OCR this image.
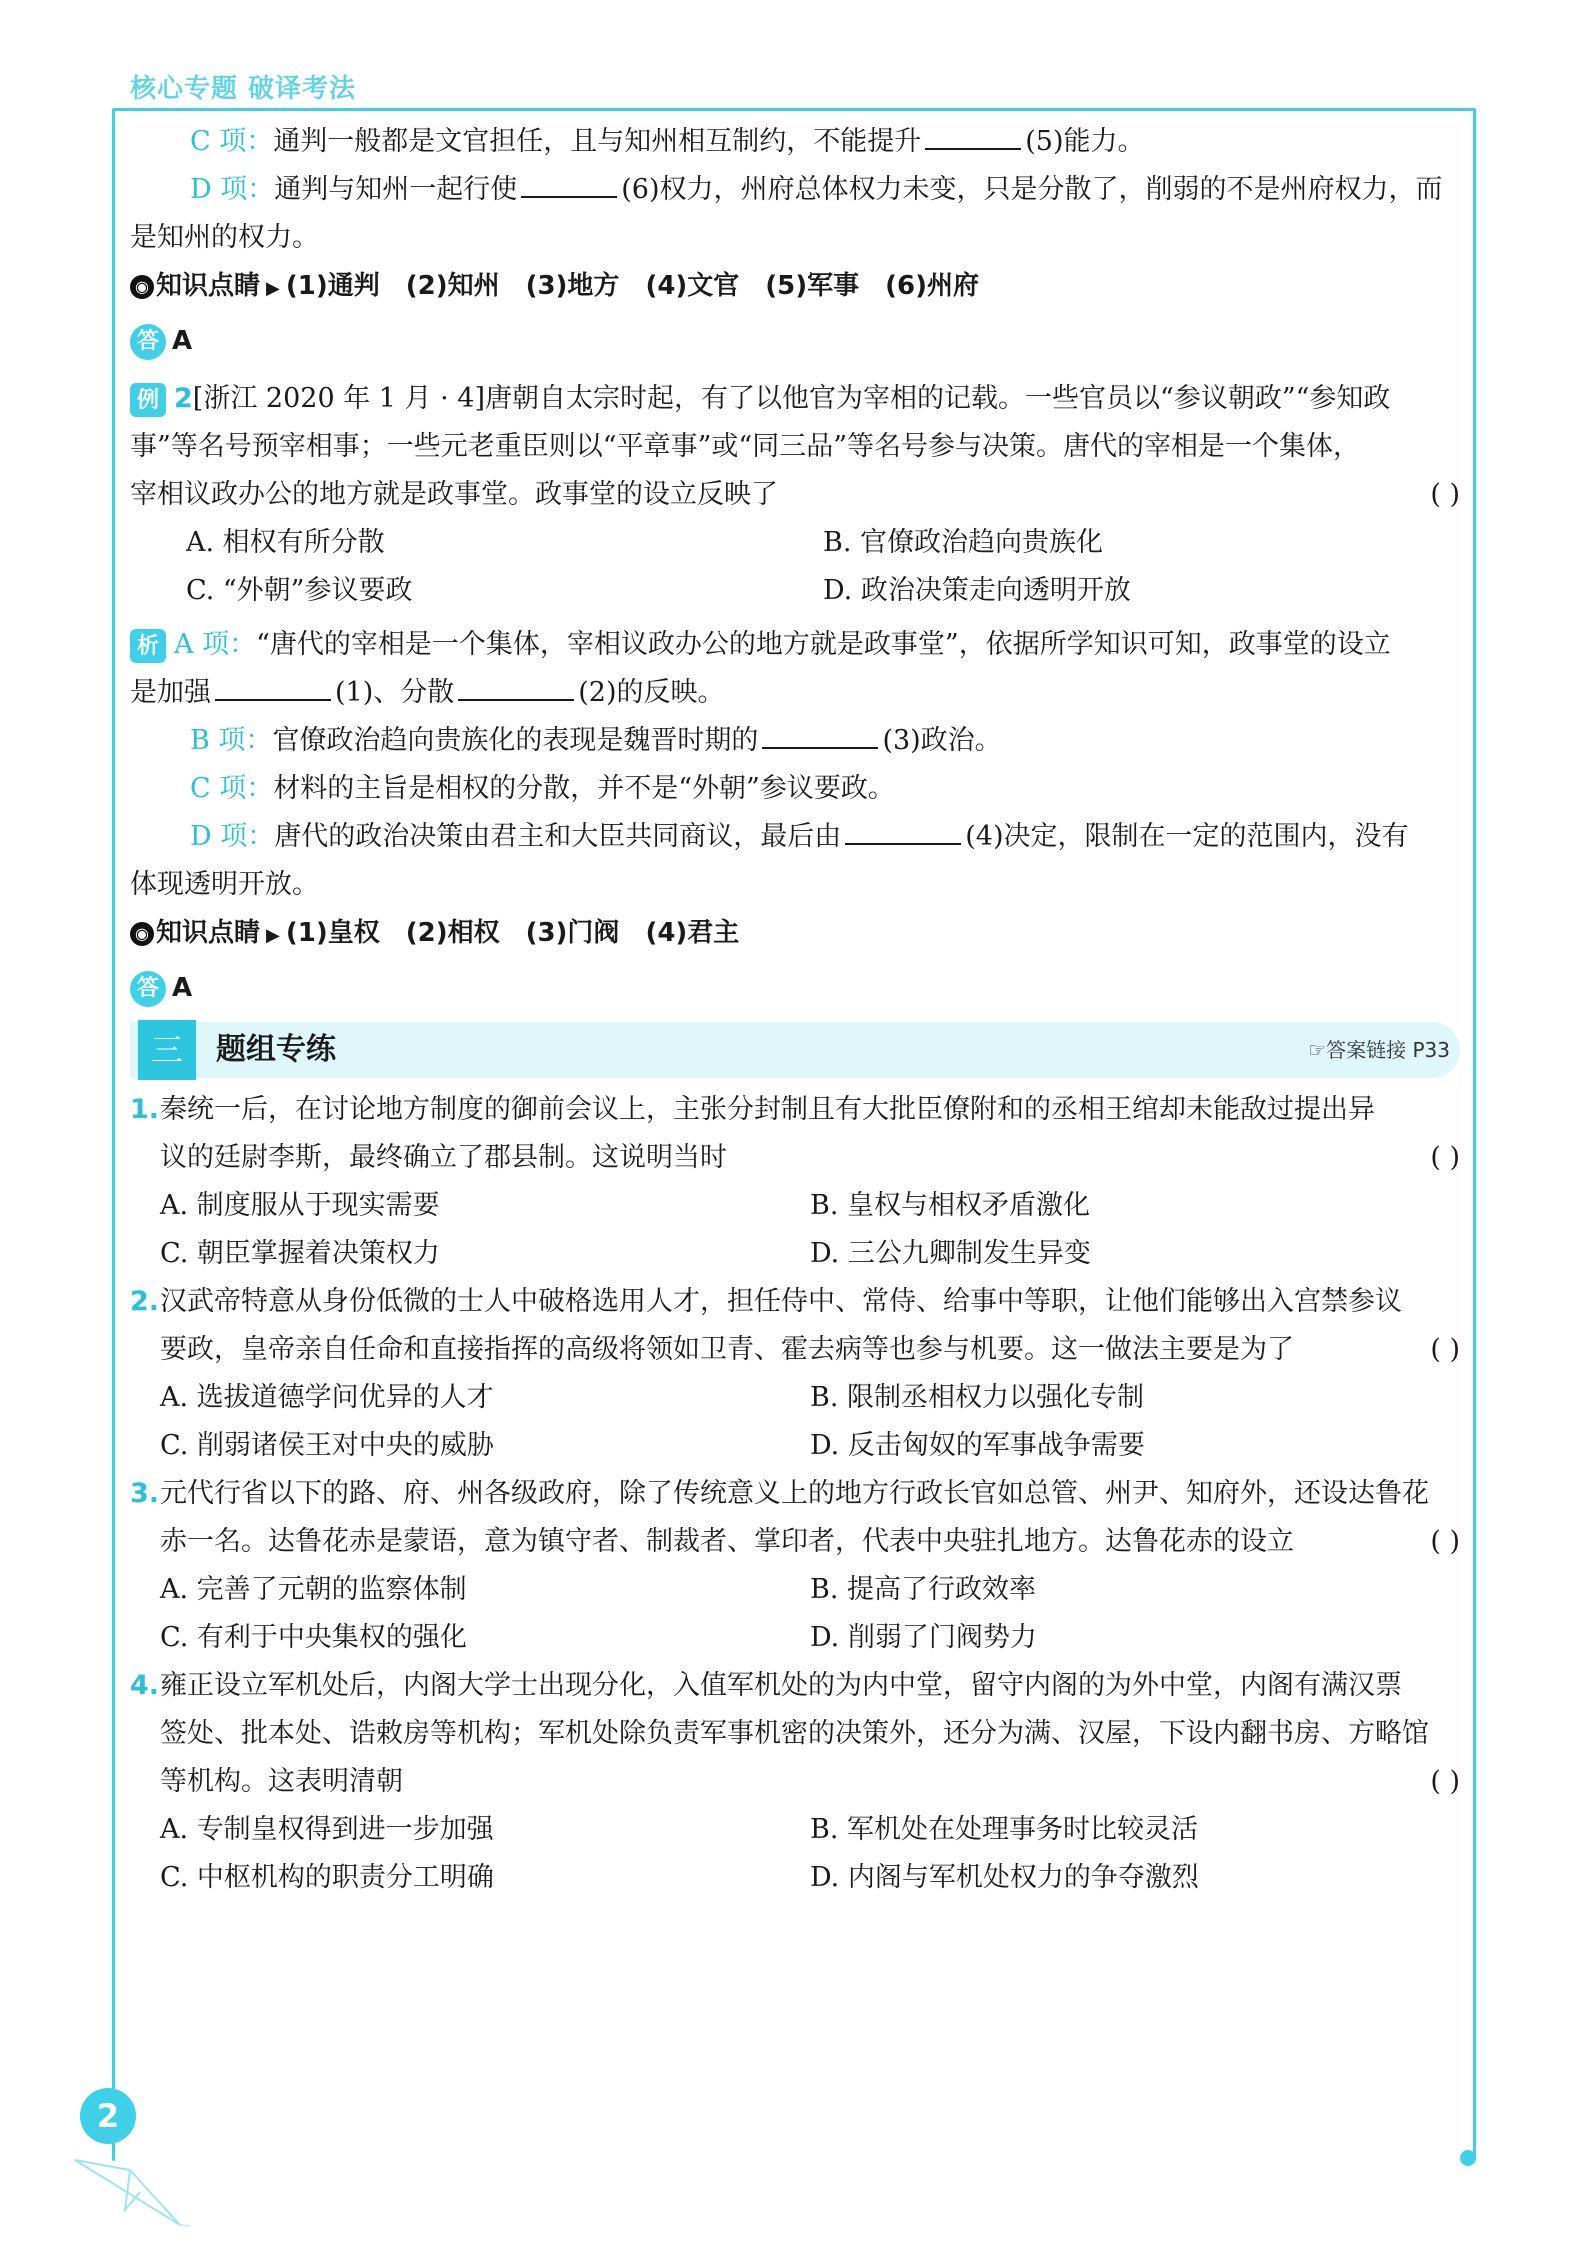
核心专题 破译考法
C 项：通判一般都是文官担任，且与知州相互制约，不能提升	(5)能力。
D 项：通判与知州一起行使	(6)权力，州府总体权力未变，只是分散了，削弱的不是州府权力，而
是知州的权力。
◉ 知识点睛 ▶ (1)通判 (2)知州 (3)地方 (4)文官 (5)军事 (6)州府
答 A
例 2[浙江 2020 年 1 月 · 4]唐朝自太宗时起，有了以他官为宰相的记载。一些官员以“参议朝政”“参知政
事”等名号预宰相事；一些元老重臣则以“平章事”或“同三品”等名号参与决策。唐代的宰相是一个集体，
宰相议政办公的地方就是政事堂。政事堂的设立反映了	( )
A. 相权有所分散	B. 官僚政治趋向贵族化
C. “外朝”参议要政	D. 政治决策走向透明开放
析 A 项：“唐代的宰相是一个集体，宰相议政办公的地方就是政事堂”，依据所学知识可知，政事堂的设立
是加强	(1)、分散	(2)的反映。
B 项：官僚政治趋向贵族化的表现是魏晋时期的	(3)政治。
C 项：材料的主旨是相权的分散，并不是“外朝”参议要政。
D 项：唐代的政治决策由君主和大臣共同商议，最后由	(4)决定，限制在一定的范围内，没有
体现透明开放。
◉ 知识点睛 ▶ (1)皇权 (2)相权 (3)门阀 (4)君主
答 A
三	题组专练	☞答案链接 P33
1. 秦统一后，在讨论地方制度的御前会议上，主张分封制且有大批臣僚附和的丞相王绾却未能敌过提出异
议的廷尉李斯，最终确立了郡县制。这说明当时	( )
A. 制度服从于现实需要	B. 皇权与相权矛盾激化
C. 朝臣掌握着决策权力	D. 三公九卿制发生异变
2. 汉武帝特意从身份低微的士人中破格选用人才，担任侍中、常侍、给事中等职，让他们能够出入宫禁参议
要政，皇帝亲自任命和直接指挥的高级将领如卫青、霍去病等也参与机要。这一做法主要是为了	( )
A. 选拔道德学问优异的人才	B. 限制丞相权力以强化专制
C. 削弱诸侯王对中央的威胁	D. 反击匈奴的军事战争需要
3. 元代行省以下的路、府、州各级政府，除了传统意义上的地方行政长官如总管、州尹、知府外，还设达鲁花
赤一名。达鲁花赤是蒙语，意为镇守者、制裁者、掌印者，代表中央驻扎地方。达鲁花赤的设立	( )
A. 完善了元朝的监察体制	B. 提高了行政效率
C. 有利于中央集权的强化	D. 削弱了门阀势力
4. 雍正设立军机处后，内阁大学士出现分化，入值军机处的为内中堂，留守内阁的为外中堂，内阁有满汉票
签处、批本处、诰敕房等机构；军机处除负责军事机密的决策外，还分为满、汉屋，下设内翻书房、方略馆
等机构。这表明清朝	( )
A. 专制皇权得到进一步加强	B. 军机处在处理事务时比较灵活
C. 中枢机构的职责分工明确	D. 内阁与军机处权力的争夺激烈
2
